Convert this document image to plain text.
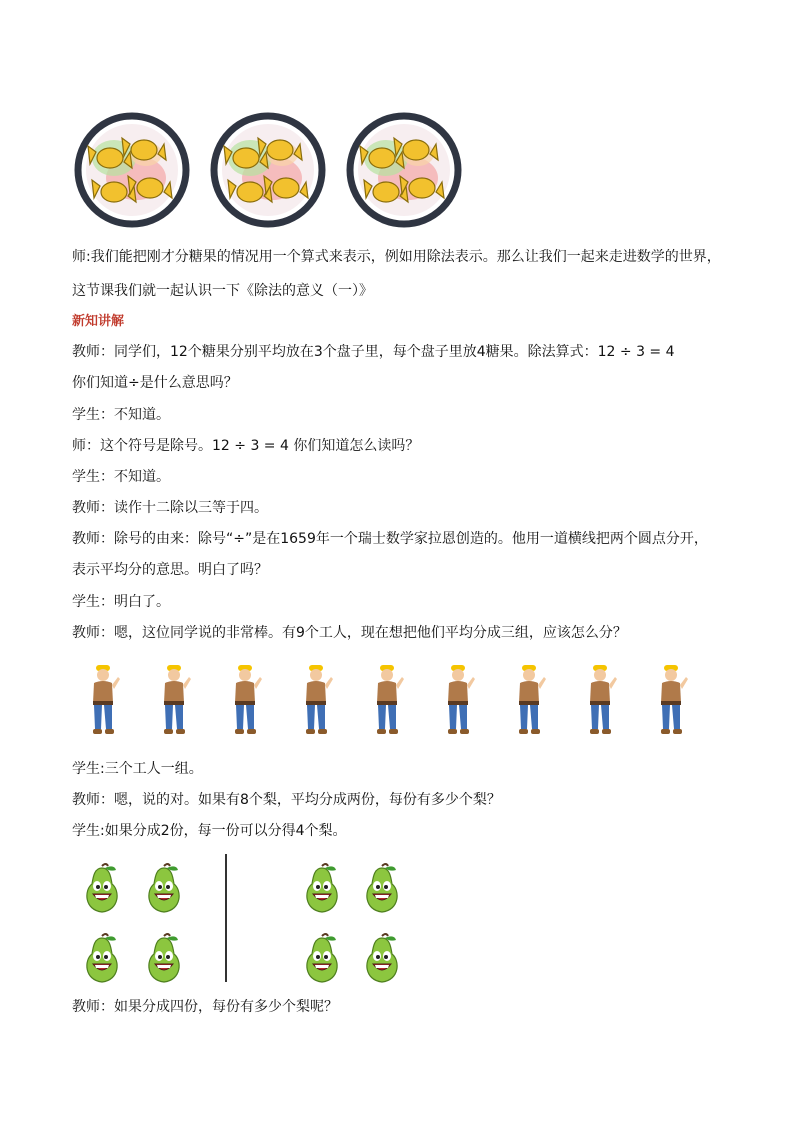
师:我们能把刚才分糖果的情况用一个算式来表示，例如用除法表示。那么让我们一起来走进数学的世界，
这节课我们就一起认识一下《除法的意义（一）》
新知讲解
教师：同学们，12个糖果分别平均放在3个盘子里，每个盘子里放4糖果。除法算式：12 ÷ 3 = 4
你们知道÷是什么意思吗？
学生：不知道。
师：这个符号是除号。12 ÷ 3 = 4 你们知道怎么读吗？
学生：不知道。
教师：读作十二除以三等于四。
教师：除号的由来：除号“÷”是在1659年一个瑞士数学家拉恩创造的。他用一道横线把两个圆点分开，
表示平均分的意思。明白了吗？
学生：明白了。
教师：嗯，这位同学说的非常棒。有9个工人，现在想把他们平均分成三组，应该怎么分？
学生:三个工人一组。
教师：嗯，说的对。如果有8个梨，平均分成两份，每份有多少个梨？
学生:如果分成2份，每一份可以分得4个梨。
教师：如果分成四份，每份有多少个梨呢？
